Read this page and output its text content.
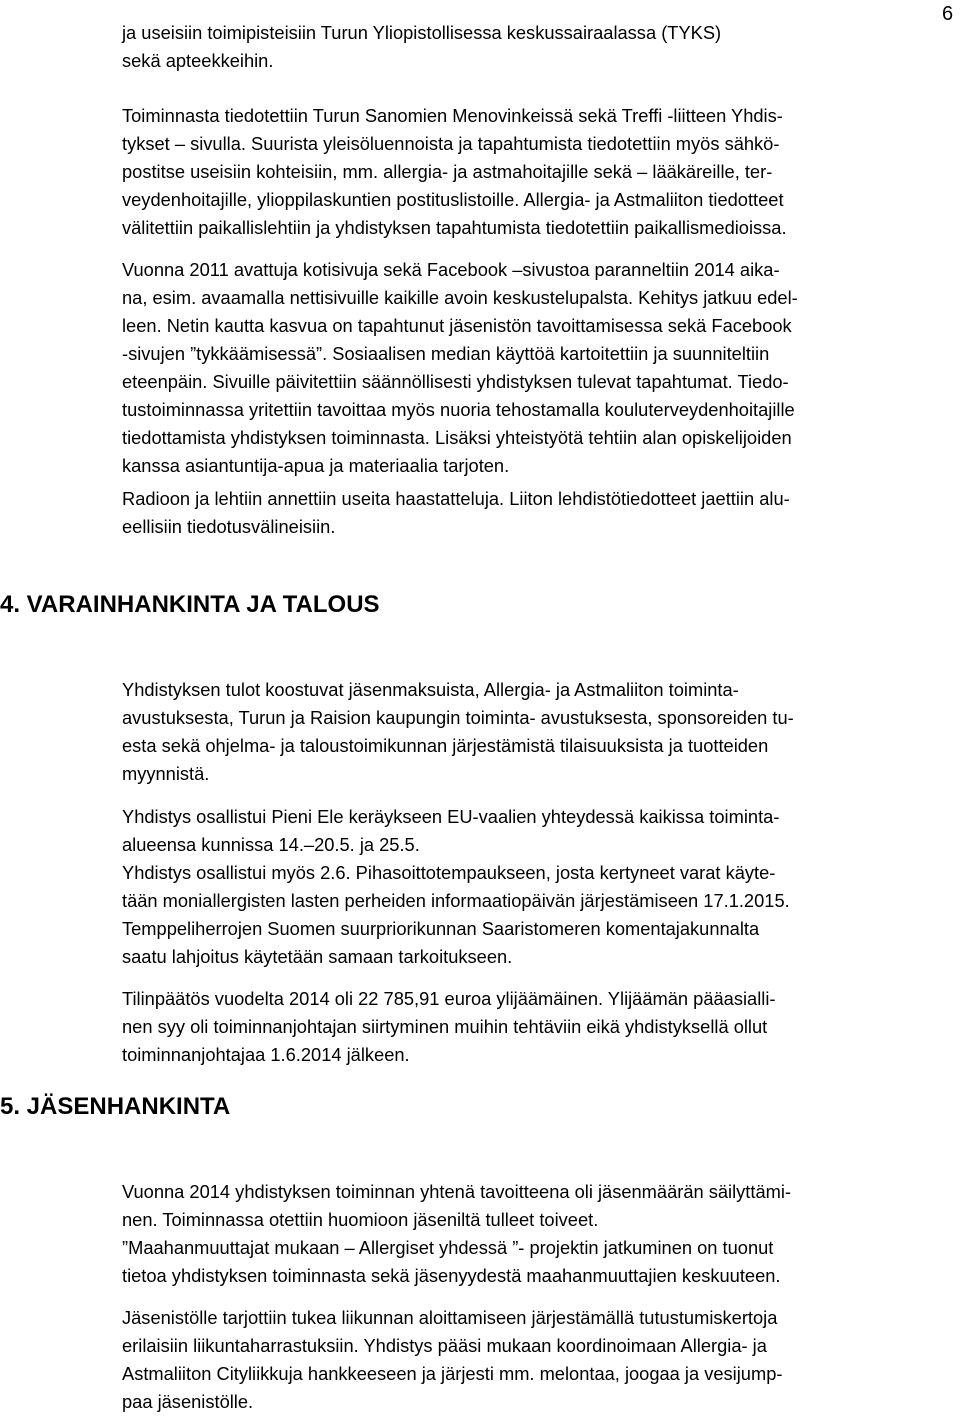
6
ja useisiin toimipisteisiin Turun Yliopistollisessa keskussairaalassa (TYKS)
sekä apteekkeihin.
Toiminnasta tiedotettiin Turun Sanomien Menovinkeissä sekä Treffi -liitteen Yhdis-
tykset – sivulla. Suurista yleisöluennoista ja tapahtumista tiedotettiin myös sähkö-
postitse useisiin kohteisiin, mm. allergia- ja astmahoitajille sekä – lääkäreille, ter-
veydenhoitajille, ylioppilaskuntien postituslistoille. Allergia- ja Astmaliiton tiedotteet
välitettiin paikallislehtiin ja yhdistyksen tapahtumista tiedotettiin paikallismedioissa.
Vuonna 2011 avattuja kotisivuja sekä Facebook –sivustoa paranneltiin 2014 aika-
na, esim. avaamalla nettisivuille kaikille avoin keskustelupalsta. Kehitys jatkuu edel-
leen. Netin kautta kasvua on tapahtunut jäsenistön tavoittamisessa sekä Facebook
-sivujen ”tykkäämisessä”. Sosiaalisen median käyttöä kartoitettiin ja suunniteltiin
eteenpäin. Sivuille päivitettiin säännöllisesti yhdistyksen tulevat tapahtumat. Tiedo-
tustoiminnassa yritettiin tavoittaa myös nuoria tehostamalla kouluterveydenhoitajille
tiedottamista yhdistyksen toiminnasta. Lisäksi yhteistyötä tehtiin alan opiskelijoiden
kanssa asiantuntija-apua ja materiaalia tarjoten.
Radioon ja lehtiin annettiin useita haastatteluja. Liiton lehdistötiedotteet jaettiin alu-
eellisiin tiedotusvälineisiin.
4. VARAINHANKINTA JA TALOUS
Yhdistyksen tulot koostuvat jäsenmaksuista, Allergia- ja Astmaliiton toiminta-
avustuksesta, Turun ja Raision kaupungin toiminta- avustuksesta, sponsoreiden tu-
esta sekä ohjelma- ja taloustoimikunnan järjestämistä tilaisuuksista ja tuotteiden
myynnistä.
Yhdistys osallistui Pieni Ele keräykseen EU-vaalien yhteydessä kaikissa toiminta-
alueensa kunnissa 14.–20.5. ja 25.5.
Yhdistys osallistui myös 2.6. Pihasoittotempaukseen, josta kertyneet varat käyte-
tään moniallergisten lasten perheiden informaatiopäivän järjestämiseen 17.1.2015.
Temppeliherrojen Suomen suurpriorikunnan Saaristomeren komentajakunnalta
saatu lahjoitus käytetään samaan tarkoitukseen.
Tilinpäätös vuodelta 2014 oli 22 785,91 euroa ylijäämäinen. Ylijäämän pääasialli-
nen syy oli toiminnanjohtajan siirtyminen muihin tehtäviin eikä yhdistyksellä ollut
toiminnanjohtajaa 1.6.2014 jälkeen.
5. JÄSENHANKINTA
Vuonna 2014 yhdistyksen toiminnan yhtenä tavoitteena oli jäsenmäärän säilyttämi-
nen. Toiminnassa otettiin huomioon jäseniltä tulleet toiveet.
”Maahanmuuttajat mukaan – Allergiset yhdessä ”- projektin jatkuminen on tuonut
tietoa yhdistyksen toiminnasta sekä jäsenyydestä maahanmuuttajien keskuuteen.
Jäsenistölle tarjottiin tukea liikunnan aloittamiseen järjestämällä tutustumiskertoja
erilaisiin liikuntaharrastuksiin. Yhdistys pääsi mukaan koordinoimaan Allergia- ja
Astmaliiton Cityliikkuja hankkeeseen ja järjesti mm. melontaa, joogaa ja vesijump-
paa jäsenistölle.
